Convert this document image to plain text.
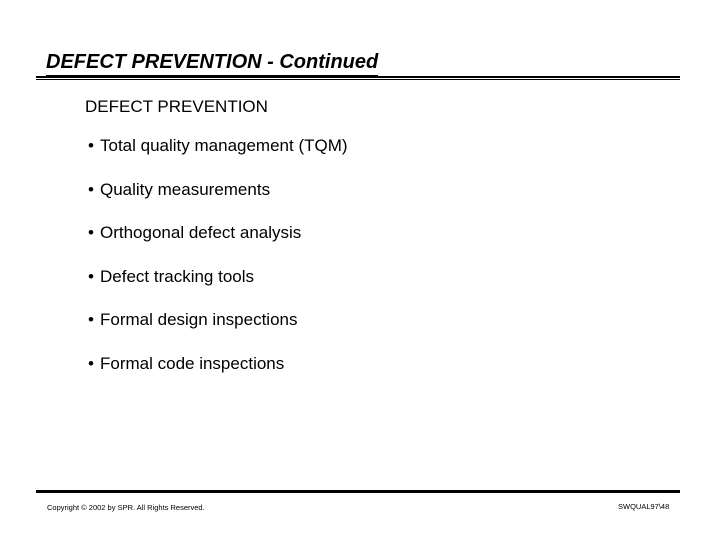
DEFECT PREVENTION - Continued
DEFECT PREVENTION
• Total quality management (TQM)
• Quality measurements
• Orthogonal defect analysis
• Defect tracking tools
• Formal design inspections
• Formal code inspections
Copyright © 2002 by SPR. All Rights Reserved.	SWQUAL97\48
